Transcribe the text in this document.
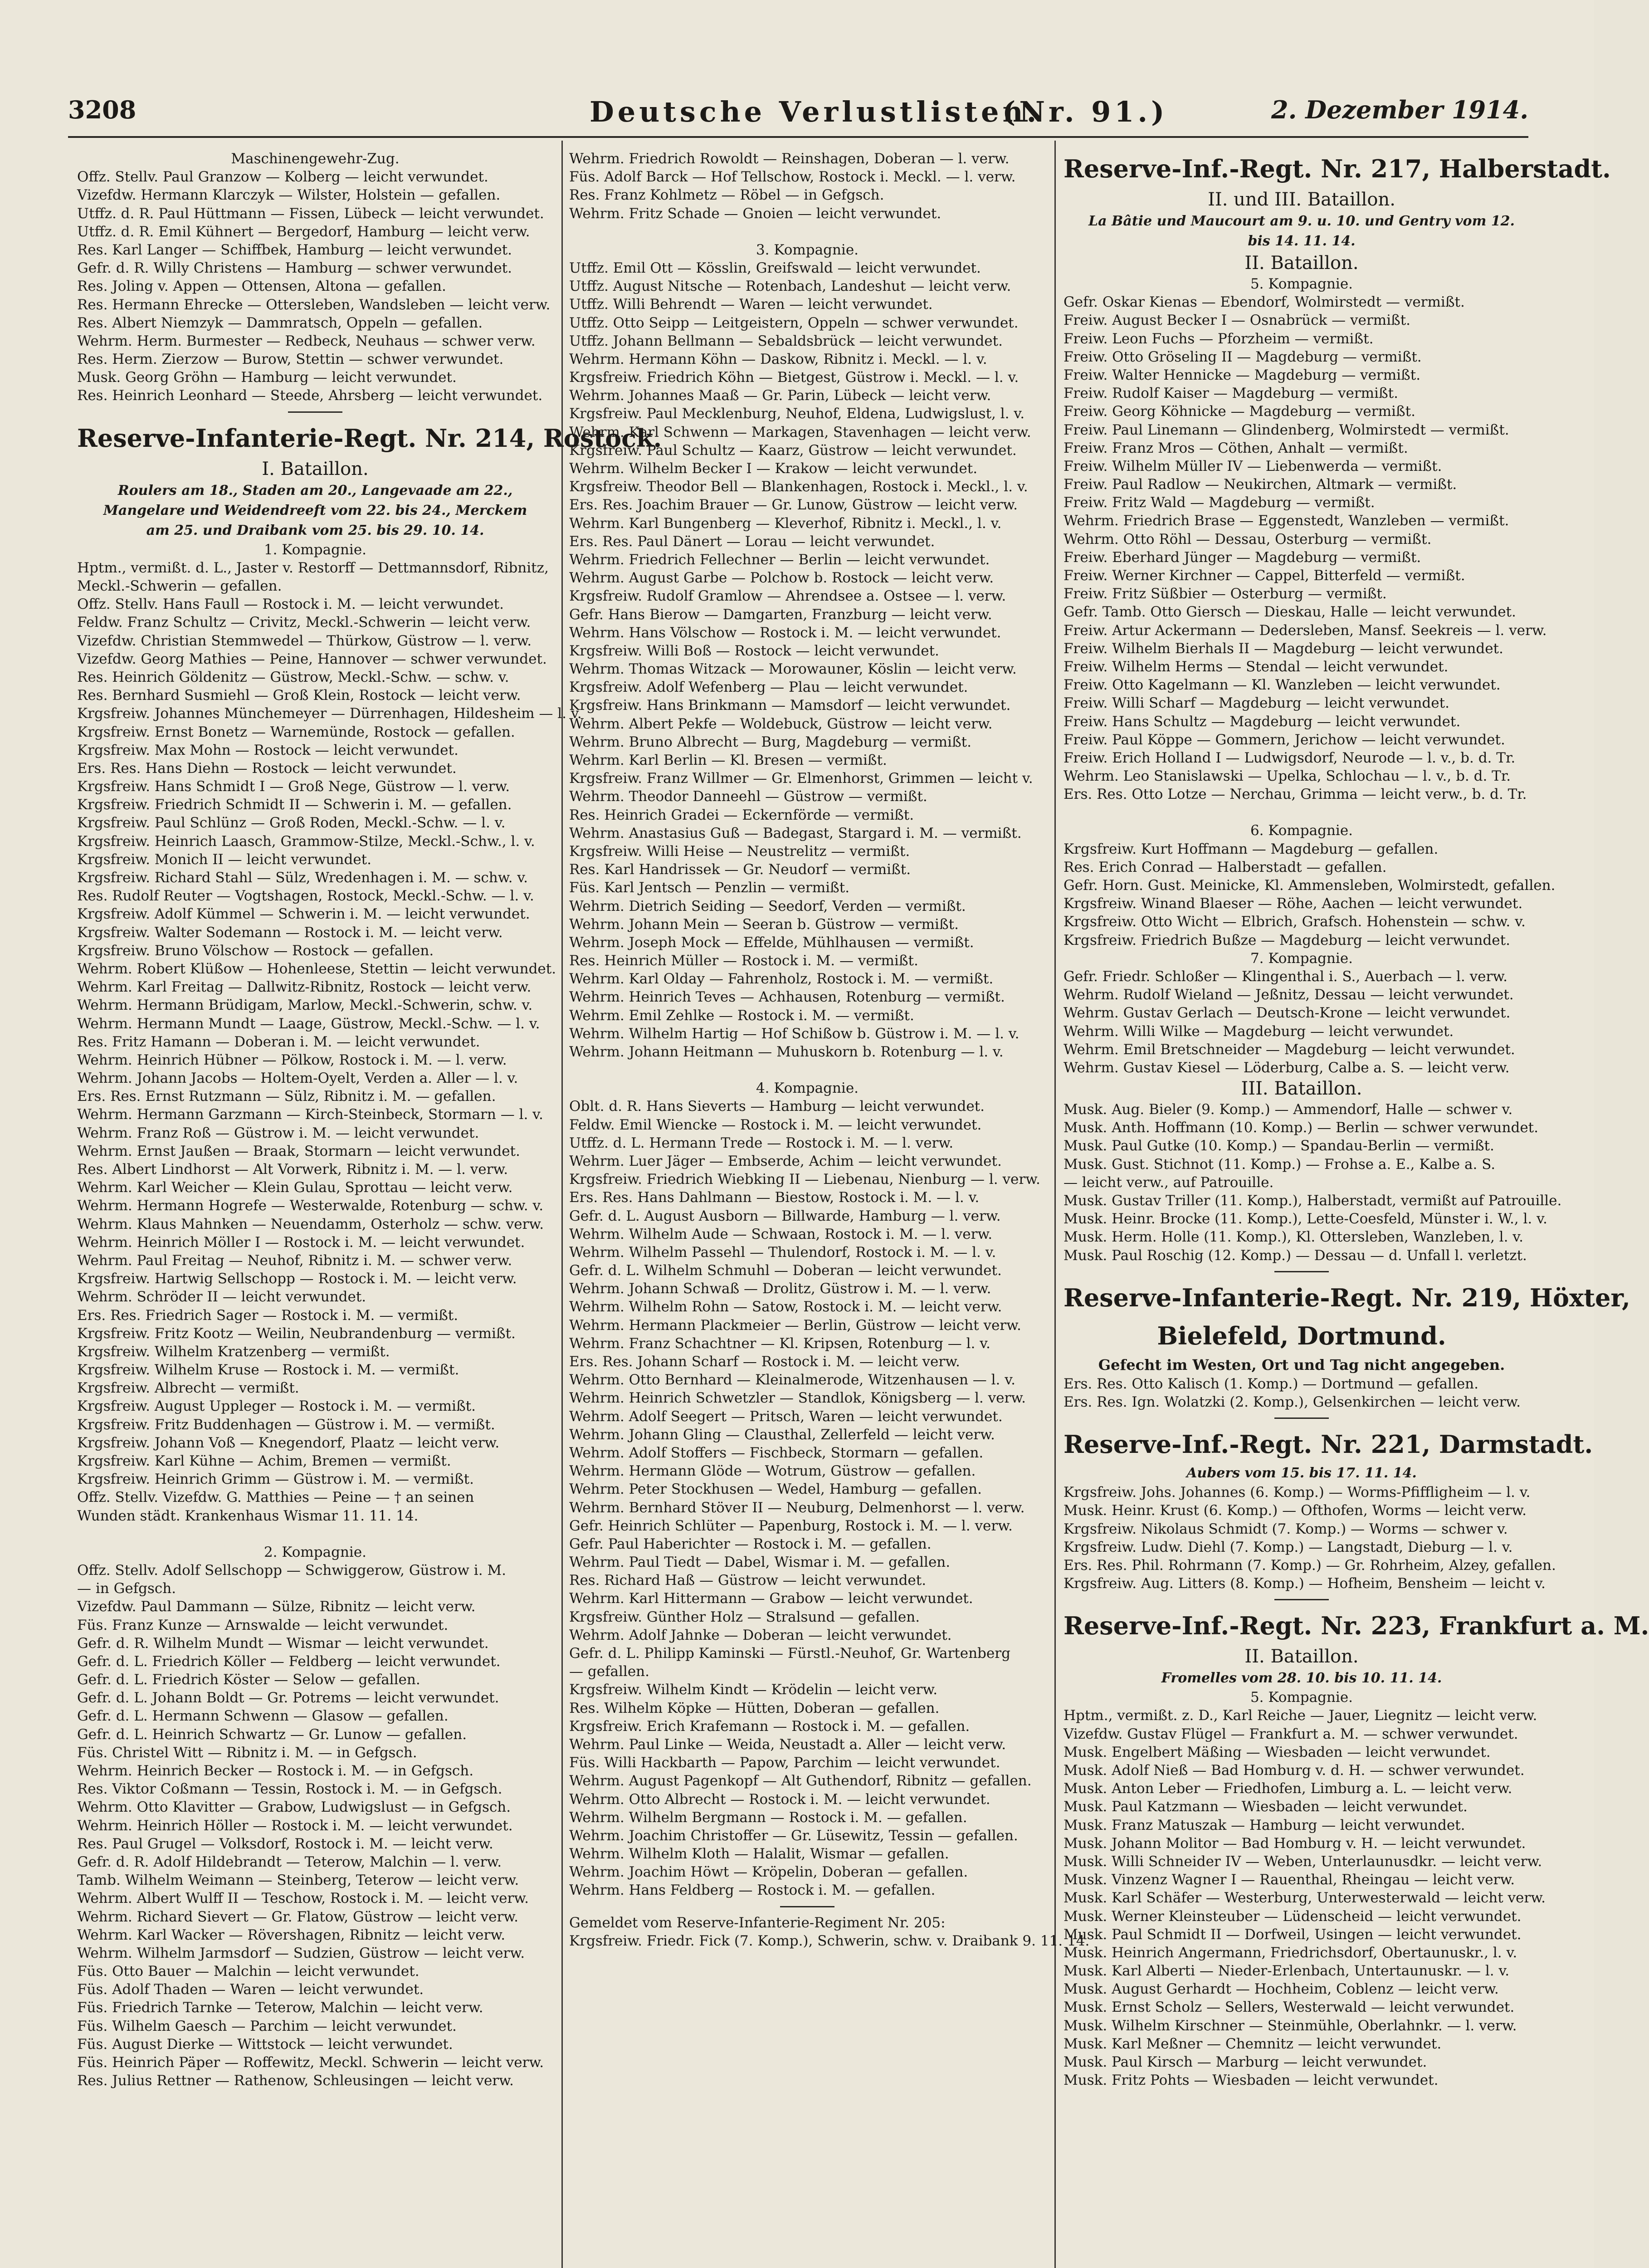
3208	Deutsche Verlustlisten.
(Nr. 91.)	2. Dezember 1914.
Maschinengewehr-Zug.
Offz. Stellv. Paul Granzow — Kolberg — leicht verwundet.
Vizefdw. Hermann Klarczyk — Wilster, Holstein — gefallen.
Utffz. d. R. Paul Hüttmann — Fissen, Lübeck — leicht verwundet.
Utffz. d. R. Emil Kühnert — Bergedorf, Hamburg — leicht verw.
Res. Karl Langer — Schiffbek, Hamburg — leicht verwundet.
Gefr. d. R. Willy Christens — Hamburg — schwer verwundet.
Res. Joling v. Appen — Ottensen, Altona — gefallen.
Res. Hermann Ehrecke — Ottersleben, Wandsleben — leicht verw.
Res. Albert Niemzyk — Dammratsch, Oppeln — gefallen.
Wehrm. Herm. Burmester — Redbeck, Neuhaus — schwer verw.
Res. Herm. Zierzow — Burow, Stettin — schwer verwundet.
Musk. Georg Gröhn — Hamburg — leicht verwundet.
Res. Heinrich Leonhard — Steede, Ahrsberg — leicht verwundet.
Reserve-Infanterie-Regt. Nr. 214, Rostock.
I. Bataillon.
Roulers am 18., Staden am 20., Langevaade am 22.,
Mangelare und Weidendreeft vom 22. bis 24., Merckem
am 25. und Draibank vom 25. bis 29. 10. 14.
1. Kompagnie.
Hptm., vermißt. d. L., Jaster v. Restorff — Dettmannsdorf, Ribnitz,
Meckl.-Schwerin — gefallen.
Offz. Stellv. Hans Faull — Rostock i. M. — leicht verwundet.
Feldw. Franz Schultz — Crivitz, Meckl.-Schwerin — leicht verw.
Vizefdw. Christian Stemmwedel — Thürkow, Güstrow — l. verw.
Vizefdw. Georg Mathies — Peine, Hannover — schwer verwundet.
Res. Heinrich Göldenitz — Güstrow, Meckl.-Schw. — schw. v.
Res. Bernhard Susmiehl — Groß Klein, Rostock — leicht verw.
Krgsfreiw. Johannes Münchemeyer — Dürrenhagen, Hildesheim — l. v.
Krgsfreiw. Ernst Bonetz — Warnemünde, Rostock — gefallen.
Krgsfreiw. Max Mohn — Rostock — leicht verwundet.
Ers. Res. Hans Diehn — Rostock — leicht verwundet.
Krgsfreiw. Hans Schmidt I — Groß Nege, Güstrow — l. verw.
Krgsfreiw. Friedrich Schmidt II — Schwerin i. M. — gefallen.
Krgsfreiw. Paul Schlünz — Groß Roden, Meckl.-Schw. — l. v.
Krgsfreiw. Heinrich Laasch, Grammow-Stilze, Meckl.-Schw., l. v.
Krgsfreiw. Monich II — leicht verwundet.
Krgsfreiw. Richard Stahl — Sülz, Wredenhagen i. M. — schw. v.
Res. Rudolf Reuter — Vogtshagen, Rostock, Meckl.-Schw. — l. v.
Krgsfreiw. Adolf Kümmel — Schwerin i. M. — leicht verwundet.
Krgsfreiw. Walter Sodemann — Rostock i. M. — leicht verw.
Krgsfreiw. Bruno Völschow — Rostock — gefallen.
Wehrm. Robert Klüßow — Hohenleese, Stettin — leicht verwundet.
Wehrm. Karl Freitag — Dallwitz-Ribnitz, Rostock — leicht verw.
Wehrm. Hermann Brüdigam, Marlow, Meckl.-Schwerin, schw. v.
Wehrm. Hermann Mundt — Laage, Güstrow, Meckl.-Schw. — l. v.
Res. Fritz Hamann — Doberan i. M. — leicht verwundet.
Wehrm. Heinrich Hübner — Pölkow, Rostock i. M. — l. verw.
Wehrm. Johann Jacobs — Holtem-Oyelt, Verden a. Aller — l. v.
Ers. Res. Ernst Rutzmann — Sülz, Ribnitz i. M. — gefallen.
Wehrm. Hermann Garzmann — Kirch-Steinbeck, Stormarn — l. v.
Wehrm. Franz Roß — Güstrow i. M. — leicht verwundet.
Wehrm. Ernst Jaußen — Braak, Stormarn — leicht verwundet.
Res. Albert Lindhorst — Alt Vorwerk, Ribnitz i. M. — l. verw.
Wehrm. Karl Weicher — Klein Gulau, Sprottau — leicht verw.
Wehrm. Hermann Hogrefe — Westerwalde, Rotenburg — schw. v.
Wehrm. Klaus Mahnken — Neuendamm, Osterholz — schw. verw.
Wehrm. Heinrich Möller I — Rostock i. M. — leicht verwundet.
Wehrm. Paul Freitag — Neuhof, Ribnitz i. M. — schwer verw.
Krgsfreiw. Hartwig Sellschopp — Rostock i. M. — leicht verw.
Wehrm. Schröder II — leicht verwundet.
Ers. Res. Friedrich Sager — Rostock i. M. — vermißt.
Krgsfreiw. Fritz Kootz — Weilin, Neubrandenburg — vermißt.
Krgsfreiw. Wilhelm Kratzenberg — vermißt.
Krgsfreiw. Wilhelm Kruse — Rostock i. M. — vermißt.
Krgsfreiw. Albrecht — vermißt.
Krgsfreiw. August Uppleger — Rostock i. M. — vermißt.
Krgsfreiw. Fritz Buddenhagen — Güstrow i. M. — vermißt.
Krgsfreiw. Johann Voß — Knegendorf, Plaatz — leicht verw.
Krgsfreiw. Karl Kühne — Achim, Bremen — vermißt.
Krgsfreiw. Heinrich Grimm — Güstrow i. M. — vermißt.
Offz. Stellv. Vizefdw. G. Matthies — Peine — † an seinen
Wunden städt. Krankenhaus Wismar 11. 11. 14.
2. Kompagnie.
Offz. Stellv. Adolf Sellschopp — Schwiggerow, Güstrow i. M.
— in Gefgsch.
Vizefdw. Paul Dammann — Sülze, Ribnitz — leicht verw.
Füs. Franz Kunze — Arnswalde — leicht verwundet.
Gefr. d. R. Wilhelm Mundt — Wismar — leicht verwundet.
Gefr. d. L. Friedrich Köller — Feldberg — leicht verwundet.
Gefr. d. L. Friedrich Köster — Selow — gefallen.
Gefr. d. L. Johann Boldt — Gr. Potrems — leicht verwundet.
Gefr. d. L. Hermann Schwenn — Glasow — gefallen.
Gefr. d. L. Heinrich Schwartz — Gr. Lunow — gefallen.
Füs. Christel Witt — Ribnitz i. M. — in Gefgsch.
Wehrm. Heinrich Becker — Rostock i. M. — in Gefgsch.
Res. Viktor Coßmann — Tessin, Rostock i. M. — in Gefgsch.
Wehrm. Otto Klavitter — Grabow, Ludwigslust — in Gefgsch.
Wehrm. Heinrich Höller — Rostock i. M. — leicht verwundet.
Res. Paul Grugel — Volksdorf, Rostock i. M. — leicht verw.
Gefr. d. R. Adolf Hildebrandt — Teterow, Malchin — l. verw.
Tamb. Wilhelm Weimann — Steinberg, Teterow — leicht verw.
Wehrm. Albert Wulff II — Teschow, Rostock i. M. — leicht verw.
Wehrm. Richard Sievert — Gr. Flatow, Güstrow — leicht verw.
Wehrm. Karl Wacker — Rövershagen, Ribnitz — leicht verw.
Wehrm. Wilhelm Jarmsdorf — Sudzien, Güstrow — leicht verw.
Füs. Otto Bauer — Malchin — leicht verwundet.
Füs. Adolf Thaden — Waren — leicht verwundet.
Füs. Friedrich Tarnke — Teterow, Malchin — leicht verw.
Füs. Wilhelm Gaesch — Parchim — leicht verwundet.
Füs. August Dierke — Wittstock — leicht verwundet.
Füs. Heinrich Päper — Roffewitz, Meckl. Schwerin — leicht verw.
Res. Julius Rettner — Rathenow, Schleusingen — leicht verw.
Wehrm. Friedrich Rowoldt — Reinshagen, Doberan — l. verw.
Füs. Adolf Barck — Hof Tellschow, Rostock i. Meckl. — l. verw.
Res. Franz Kohlmetz — Röbel — in Gefgsch.
Wehrm. Fritz Schade — Gnoien — leicht verwundet.
3. Kompagnie.
Utffz. Emil Ott — Kösslin, Greifswald — leicht verwundet.
Utffz. August Nitsche — Rotenbach, Landeshut — leicht verw.
Utffz. Willi Behrendt — Waren — leicht verwundet.
Utffz. Otto Seipp — Leitgeistern, Oppeln — schwer verwundet.
Utffz. Johann Bellmann — Sebaldsbrück — leicht verwundet.
Wehrm. Hermann Köhn — Daskow, Ribnitz i. Meckl. — l. v.
Krgsfreiw. Friedrich Köhn — Bietgest, Güstrow i. Meckl. — l. v.
Wehrm. Johannes Maaß — Gr. Parin, Lübeck — leicht verw.
Krgsfreiw. Paul Mecklenburg, Neuhof, Eldena, Ludwigslust, l. v.
Wehrm. Karl Schwenn — Markagen, Stavenhagen — leicht verw.
Krgsfreiw. Paul Schultz — Kaarz, Güstrow — leicht verwundet.
Wehrm. Wilhelm Becker I — Krakow — leicht verwundet.
Krgsfreiw. Theodor Bell — Blankenhagen, Rostock i. Meckl., l. v.
Ers. Res. Joachim Brauer — Gr. Lunow, Güstrow — leicht verw.
Wehrm. Karl Bungenberg — Kleverhof, Ribnitz i. Meckl., l. v.
Ers. Res. Paul Dänert — Lorau — leicht verwundet.
Wehrm. Friedrich Fellechner — Berlin — leicht verwundet.
Wehrm. August Garbe — Polchow b. Rostock — leicht verw.
Krgsfreiw. Rudolf Gramlow — Ahrendsee a. Ostsee — l. verw.
Gefr. Hans Bierow — Damgarten, Franzburg — leicht verw.
Wehrm. Hans Völschow — Rostock i. M. — leicht verwundet.
Krgsfreiw. Willi Boß — Rostock — leicht verwundet.
Wehrm. Thomas Witzack — Morowauner, Köslin — leicht verw.
Krgsfreiw. Adolf Wefenberg — Plau — leicht verwundet.
Krgsfreiw. Hans Brinkmann — Mamsdorf — leicht verwundet.
Wehrm. Albert Pekfe — Woldebuck, Güstrow — leicht verw.
Wehrm. Bruno Albrecht — Burg, Magdeburg — vermißt.
Wehrm. Karl Berlin — Kl. Bresen — vermißt.
Krgsfreiw. Franz Willmer — Gr. Elmenhorst, Grimmen — leicht v.
Wehrm. Theodor Danneehl — Güstrow — vermißt.
Res. Heinrich Gradei — Eckernförde — vermißt.
Wehrm. Anastasius Guß — Badegast, Stargard i. M. — vermißt.
Krgsfreiw. Willi Heise — Neustrelitz — vermißt.
Res. Karl Handrissek — Gr. Neudorf — vermißt.
Füs. Karl Jentsch — Penzlin — vermißt.
Wehrm. Dietrich Seiding — Seedorf, Verden — vermißt.
Wehrm. Johann Mein — Seeran b. Güstrow — vermißt.
Wehrm. Joseph Mock — Effelde, Mühlhausen — vermißt.
Res. Heinrich Müller — Rostock i. M. — vermißt.
Wehrm. Karl Olday — Fahrenholz, Rostock i. M. — vermißt.
Wehrm. Heinrich Teves — Achhausen, Rotenburg — vermißt.
Wehrm. Emil Zehlke — Rostock i. M. — vermißt.
Wehrm. Wilhelm Hartig — Hof Schißow b. Güstrow i. M. — l. v.
Wehrm. Johann Heitmann — Muhuskorn b. Rotenburg — l. v.
4. Kompagnie.
Oblt. d. R. Hans Sieverts — Hamburg — leicht verwundet.
Feldw. Emil Wiencke — Rostock i. M. — leicht verwundet.
Utffz. d. L. Hermann Trede — Rostock i. M. — l. verw.
Wehrm. Luer Jäger — Embserde, Achim — leicht verwundet.
Krgsfreiw. Friedrich Wiebking II — Liebenau, Nienburg — l. verw.
Ers. Res. Hans Dahlmann — Biestow, Rostock i. M. — l. v.
Gefr. d. L. August Ausborn — Billwarde, Hamburg — l. verw.
Wehrm. Wilhelm Aude — Schwaan, Rostock i. M. — l. verw.
Wehrm. Wilhelm Passehl — Thulendorf, Rostock i. M. — l. v.
Gefr. d. L. Wilhelm Schmuhl — Doberan — leicht verwundet.
Wehrm. Johann Schwaß — Drolitz, Güstrow i. M. — l. verw.
Wehrm. Wilhelm Rohn — Satow, Rostock i. M. — leicht verw.
Wehrm. Hermann Plackmeier — Berlin, Güstrow — leicht verw.
Wehrm. Franz Schachtner — Kl. Kripsen, Rotenburg — l. v.
Ers. Res. Johann Scharf — Rostock i. M. — leicht verw.
Wehrm. Otto Bernhard — Kleinalmerode, Witzenhausen — l. v.
Wehrm. Heinrich Schwetzler — Standlok, Königsberg — l. verw.
Wehrm. Adolf Seegert — Pritsch, Waren — leicht verwundet.
Wehrm. Johann Gling — Clausthal, Zellerfeld — leicht verw.
Wehrm. Adolf Stoffers — Fischbeck, Stormarn — gefallen.
Wehrm. Hermann Glöde — Wotrum, Güstrow — gefallen.
Wehrm. Peter Stockhusen — Wedel, Hamburg — gefallen.
Wehrm. Bernhard Stöver II — Neuburg, Delmenhorst — l. verw.
Gefr. Heinrich Schlüter — Papenburg, Rostock i. M. — l. verw.
Gefr. Paul Haberichter — Rostock i. M. — gefallen.
Wehrm. Paul Tiedt — Dabel, Wismar i. M. — gefallen.
Res. Richard Haß — Güstrow — leicht verwundet.
Wehrm. Karl Hittermann — Grabow — leicht verwundet.
Krgsfreiw. Günther Holz — Stralsund — gefallen.
Wehrm. Adolf Jahnke — Doberan — leicht verwundet.
Gefr. d. L. Philipp Kaminski — Fürstl.-Neuhof, Gr. Wartenberg
— gefallen.
Krgsfreiw. Wilhelm Kindt — Krödelin — leicht verw.
Res. Wilhelm Köpke — Hütten, Doberan — gefallen.
Krgsfreiw. Erich Krafemann — Rostock i. M. — gefallen.
Wehrm. Paul Linke — Weida, Neustadt a. Aller — leicht verw.
Füs. Willi Hackbarth — Papow, Parchim — leicht verwundet.
Wehrm. August Pagenkopf — Alt Guthendorf, Ribnitz — gefallen.
Wehrm. Otto Albrecht — Rostock i. M. — leicht verwundet.
Wehrm. Wilhelm Bergmann — Rostock i. M. — gefallen.
Wehrm. Joachim Christoffer — Gr. Lüsewitz, Tessin — gefallen.
Wehrm. Wilhelm Kloth — Halalit, Wismar — gefallen.
Wehrm. Joachim Höwt — Kröpelin, Doberan — gefallen.
Wehrm. Hans Feldberg — Rostock i. M. — gefallen.
Gemeldet vom Reserve-Infanterie-Regiment Nr. 205:
Krgsfreiw. Friedr. Fick (7. Komp.), Schwerin, schw. v. Draibank 9. 11. 14.
Reserve-Inf.-Regt. Nr. 217, Halberstadt.
II. und III. Bataillon.
La Bâtie und Maucourt am 9. u. 10. und Gentry vom 12.
bis 14. 11. 14.
II. Bataillon.
5. Kompagnie.
Gefr. Oskar Kienas — Ebendorf, Wolmirstedt — vermißt.
Freiw. August Becker I — Osnabrück — vermißt.
Freiw. Leon Fuchs — Pforzheim — vermißt.
Freiw. Otto Gröseling II — Magdeburg — vermißt.
Freiw. Walter Hennicke — Magdeburg — vermißt.
Freiw. Rudolf Kaiser — Magdeburg — vermißt.
Freiw. Georg Köhnicke — Magdeburg — vermißt.
Freiw. Paul Linemann — Glindenberg, Wolmirstedt — vermißt.
Freiw. Franz Mros — Cöthen, Anhalt — vermißt.
Freiw. Wilhelm Müller IV — Liebenwerda — vermißt.
Freiw. Paul Radlow — Neukirchen, Altmark — vermißt.
Freiw. Fritz Wald — Magdeburg — vermißt.
Wehrm. Friedrich Brase — Eggenstedt, Wanzleben — vermißt.
Wehrm. Otto Röhl — Dessau, Osterburg — vermißt.
Freiw. Eberhard Jünger — Magdeburg — vermißt.
Freiw. Werner Kirchner — Cappel, Bitterfeld — vermißt.
Freiw. Fritz Süßbier — Osterburg — vermißt.
Gefr. Tamb. Otto Giersch — Dieskau, Halle — leicht verwundet.
Freiw. Artur Ackermann — Dedersleben, Mansf. Seekreis — l. verw.
Freiw. Wilhelm Bierhals II — Magdeburg — leicht verwundet.
Freiw. Wilhelm Herms — Stendal — leicht verwundet.
Freiw. Otto Kagelmann — Kl. Wanzleben — leicht verwundet.
Freiw. Willi Scharf — Magdeburg — leicht verwundet.
Freiw. Hans Schultz — Magdeburg — leicht verwundet.
Freiw. Paul Köppe — Gommern, Jerichow — leicht verwundet.
Freiw. Erich Holland I — Ludwigsdorf, Neurode — l. v., b. d. Tr.
Wehrm. Leo Stanislawski — Upelka, Schlochau — l. v., b. d. Tr.
Ers. Res. Otto Lotze — Nerchau, Grimma — leicht verw., b. d. Tr.
6. Kompagnie.
Krgsfreiw. Kurt Hoffmann — Magdeburg — gefallen.
Res. Erich Conrad — Halberstadt — gefallen.
Gefr. Horn. Gust. Meinicke, Kl. Ammensleben, Wolmirstedt, gefallen.
Krgsfreiw. Winand Blaeser — Röhe, Aachen — leicht verwundet.
Krgsfreiw. Otto Wicht — Elbrich, Grafsch. Hohenstein — schw. v.
Krgsfreiw. Friedrich Bußze — Magdeburg — leicht verwundet.
7. Kompagnie.
Gefr. Friedr. Schloßer — Klingenthal i. S., Auerbach — l. verw.
Wehrm. Rudolf Wieland — Jeßnitz, Dessau — leicht verwundet.
Wehrm. Gustav Gerlach — Deutsch-Krone — leicht verwundet.
Wehrm. Willi Wilke — Magdeburg — leicht verwundet.
Wehrm. Emil Bretschneider — Magdeburg — leicht verwundet.
Wehrm. Gustav Kiesel — Löderburg, Calbe a. S. — leicht verw.
III. Bataillon.
Musk. Aug. Bieler (9. Komp.) — Ammendorf, Halle — schwer v.
Musk. Anth. Hoffmann (10. Komp.) — Berlin — schwer verwundet.
Musk. Paul Gutke (10. Komp.) — Spandau-Berlin — vermißt.
Musk. Gust. Stichnot (11. Komp.) — Frohse a. E., Kalbe a. S.
— leicht verw., auf Patrouille.
Musk. Gustav Triller (11. Komp.), Halberstadt, vermißt auf Patrouille.
Musk. Heinr. Brocke (11. Komp.), Lette-Coesfeld, Münster i. W., l. v.
Musk. Herm. Holle (11. Komp.), Kl. Ottersleben, Wanzleben, l. v.
Musk. Paul Roschig (12. Komp.) — Dessau — d. Unfall l. verletzt.
Reserve-Infanterie-Regt. Nr. 219, Höxter,
Bielefeld, Dortmund.
Gefecht im Westen, Ort und Tag nicht angegeben.
Ers. Res. Otto Kalisch (1. Komp.) — Dortmund — gefallen.
Ers. Res. Ign. Wolatzki (2. Komp.), Gelsenkirchen — leicht verw.
Reserve-Inf.-Regt. Nr. 221, Darmstadt.
Aubers vom 15. bis 17. 11. 14.
Krgsfreiw. Johs. Johannes (6. Komp.) — Worms-Pfiffligheim — l. v.
Musk. Heinr. Krust (6. Komp.) — Ofthofen, Worms — leicht verw.
Krgsfreiw. Nikolaus Schmidt (7. Komp.) — Worms — schwer v.
Krgsfreiw. Ludw. Diehl (7. Komp.) — Langstadt, Dieburg — l. v.
Ers. Res. Phil. Rohrmann (7. Komp.) — Gr. Rohrheim, Alzey, gefallen.
Krgsfreiw. Aug. Litters (8. Komp.) — Hofheim, Bensheim — leicht v.
Reserve-Inf.-Regt. Nr. 223, Frankfurt a. M.
II. Bataillon.
Fromelles vom 28. 10. bis 10. 11. 14.
5. Kompagnie.
Hptm., vermißt. z. D., Karl Reiche — Jauer, Liegnitz — leicht verw.
Vizefdw. Gustav Flügel — Frankfurt a. M. — schwer verwundet.
Musk. Engelbert Mäßing — Wiesbaden — leicht verwundet.
Musk. Adolf Nieß — Bad Homburg v. d. H. — schwer verwundet.
Musk. Anton Leber — Friedhofen, Limburg a. L. — leicht verw.
Musk. Paul Katzmann — Wiesbaden — leicht verwundet.
Musk. Franz Matuszak — Hamburg — leicht verwundet.
Musk. Johann Molitor — Bad Homburg v. H. — leicht verwundet.
Musk. Willi Schneider IV — Weben, Unterlaunusdkr. — leicht verw.
Musk. Vinzenz Wagner I — Rauenthal, Rheingau — leicht verw.
Musk. Karl Schäfer — Westerburg, Unterwesterwald — leicht verw.
Musk. Werner Kleinsteuber — Lüdenscheid — leicht verwundet.
Musk. Paul Schmidt II — Dorfweil, Usingen — leicht verwundet.
Musk. Heinrich Angermann, Friedrichsdorf, Obertaunuskr., l. v.
Musk. Karl Alberti — Nieder-Erlenbach, Untertaunuskr. — l. v.
Musk. August Gerhardt — Hochheim, Coblenz — leicht verw.
Musk. Ernst Scholz — Sellers, Westerwald — leicht verwundet.
Musk. Wilhelm Kirschner — Steinmühle, Oberlahnkr. — l. verw.
Musk. Karl Meßner — Chemnitz — leicht verwundet.
Musk. Paul Kirsch — Marburg — leicht verwundet.
Musk. Fritz Pohts — Wiesbaden — leicht verwundet.
